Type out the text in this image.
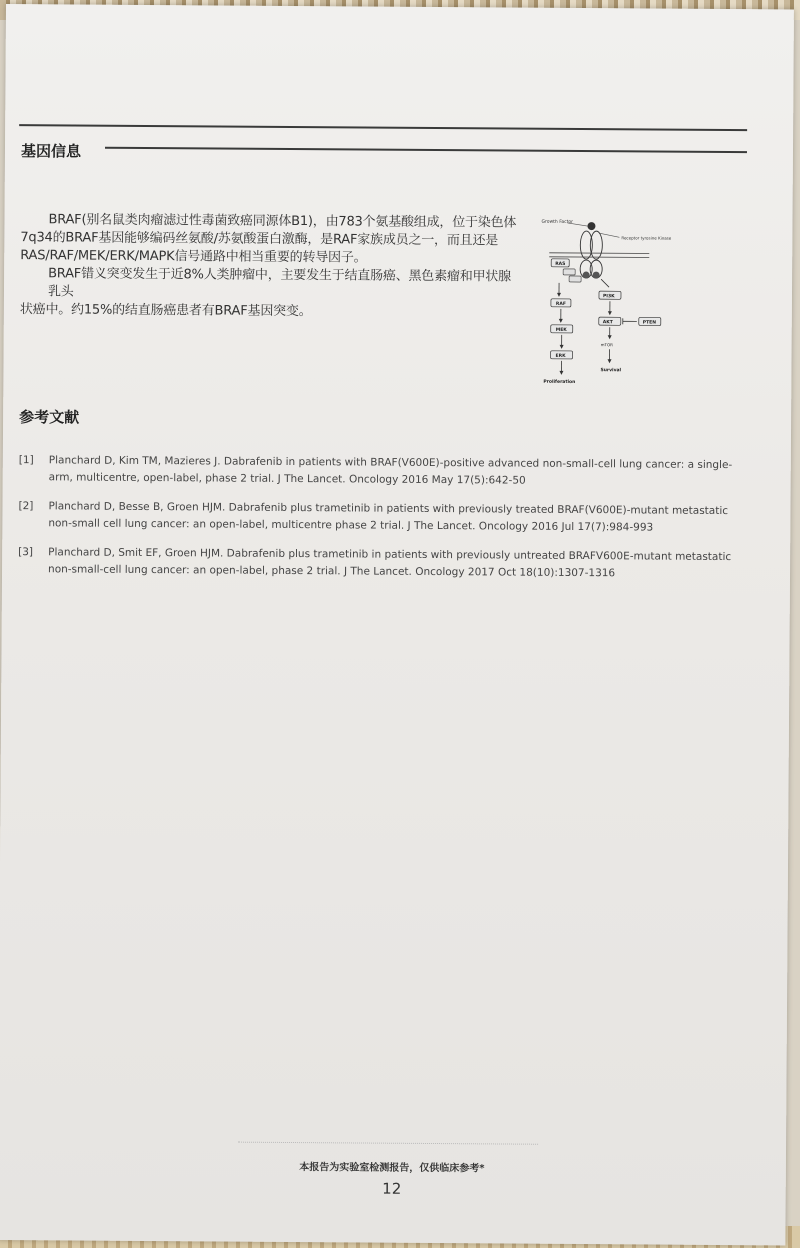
基因信息

BRAF(别名鼠类肉瘤滤过性毒菌致癌同源体B1)，由783个氨基酸组成，位于染色体

7q34的BRAF基因能够编码丝氨酸/苏氨酸蛋白激酶，是RAF家族成员之一，而且还是

RAS/RAF/MEK/ERK/MAPK信号通路中相当重要的转导因子。

BRAF错义突变发生于近8%人类肿瘤中，主要发生于结直肠癌、黑色素瘤和甲状腺乳头

状癌中。约15%的结直肠癌患者有BRAF基因突变。

Growth Factor
Receptor tyrosine Kinase
RAS
RAF
MEK
ERK
Proliferation
PI3K
AKT	PTEN
mTOR
Survival
参考文献
[1]	Planchard D, Kim TM, Mazieres J. Dabrafenib in patients with BRAF(V600E)-positive advanced non-small-cell lung cancer: a single-arm, multicentre, open-label, phase 2 trial. J The Lancet. Oncology 2016 May 17(5):642-50
[2]	Planchard D, Besse B, Groen HJM. Dabrafenib plus trametinib in patients with previously treated BRAF(V600E)-mutant metastatic non-small cell lung cancer: an open-label, multicentre phase 2 trial. J The Lancet. Oncology 2016 Jul 17(7):984-993
[3]	Planchard D, Smit EF, Groen HJM. Dabrafenib plus trametinib in patients with previously untreated BRAFV600E-mutant metastatic non-small-cell lung cancer: an open-label, phase 2 trial. J The Lancet. Oncology 2017 Oct 18(10):1307-1316
本报告为实验室检测报告，仅供临床参考*
12
